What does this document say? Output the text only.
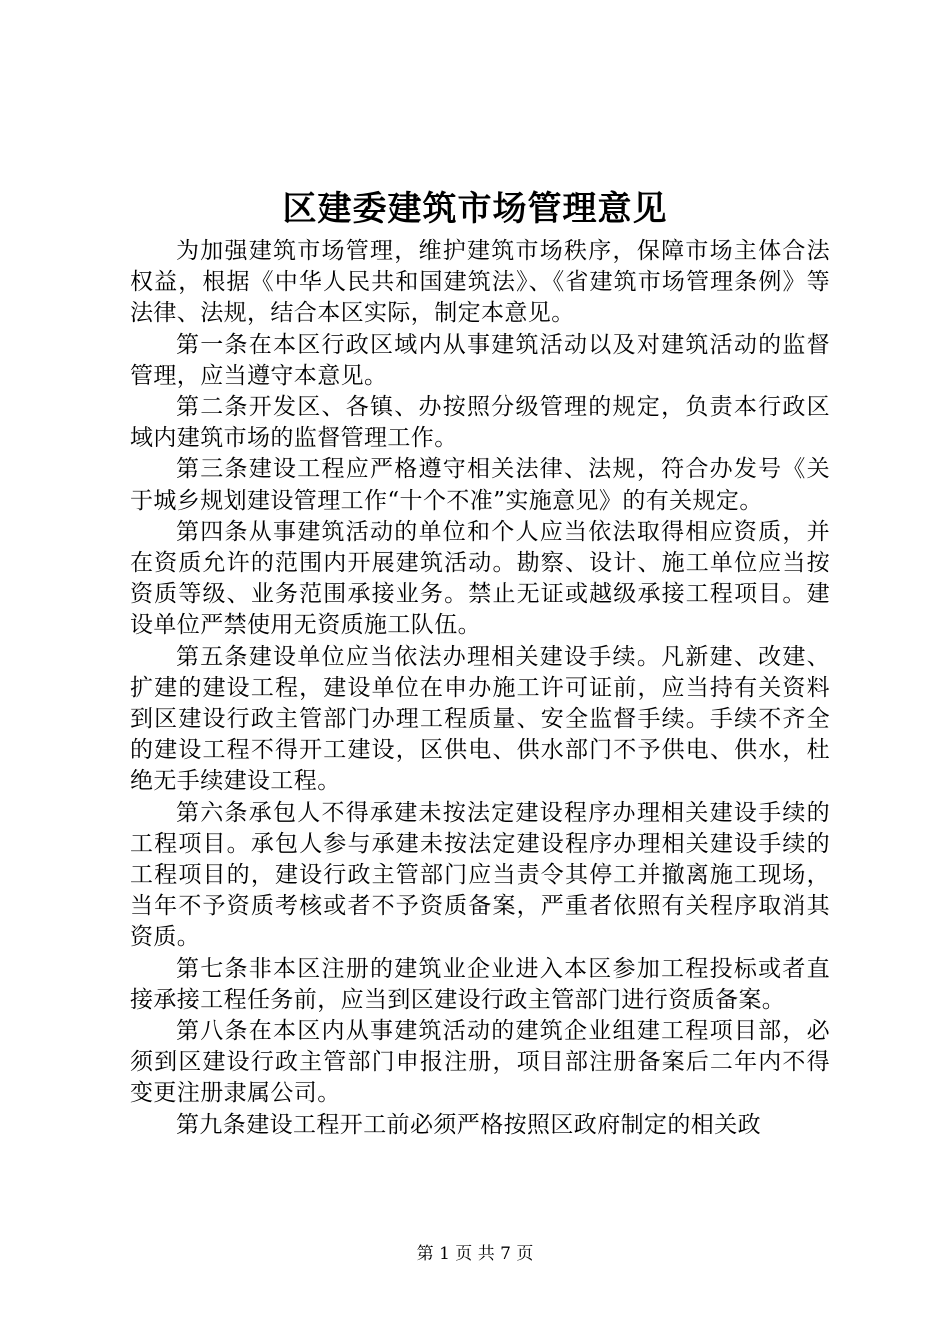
区建委建筑市场管理意见

为加强建筑市场管理，维护建筑市场秩序，保障市场主体合法权益，根据《中华人民共和国建筑法》、《省建筑市场管理条例》等法律、法规，结合本区实际，制定本意见。

第一条在本区行政区域内从事建筑活动以及对建筑活动的监督管理，应当遵守本意见。

第二条开发区、各镇、办按照分级管理的规定，负责本行政区域内建筑市场的监督管理工作。

第三条建设工程应严格遵守相关法律、法规，符合办发号《关于城乡规划建设管理工作“十个不准”实施意见》的有关规定。

第四条从事建筑活动的单位和个人应当依法取得相应资质，并在资质允许的范围内开展建筑活动。勘察、设计、施工单位应当按资质等级、业务范围承接业务。禁止无证或越级承接工程项目。建设单位严禁使用无资质施工队伍。

第五条建设单位应当依法办理相关建设手续。凡新建、改建、扩建的建设工程，建设单位在申办施工许可证前，应当持有关资料到区建设行政主管部门办理工程质量、安全监督手续。手续不齐全的建设工程不得开工建设，区供电、供水部门不予供电、供水，杜绝无手续建设工程。

第六条承包人不得承建未按法定建设程序办理相关建设手续的工程项目。承包人参与承建未按法定建设程序办理相关建设手续的工程项目的，建设行政主管部门应当责令其停工并撤离施工现场，当年不予资质考核或者不予资质备案，严重者依照有关程序取消其资质。

第七条非本区注册的建筑业企业进入本区参加工程投标或者直接承接工程任务前，应当到区建设行政主管部门进行资质备案。

第八条在本区内从事建筑活动的建筑企业组建工程项目部，必须到区建设行政主管部门申报注册，项目部注册备案后二年内不得变更注册隶属公司。

第九条建设工程开工前必须严格按照区政府制定的相关政

第 1 页 共 7 页
